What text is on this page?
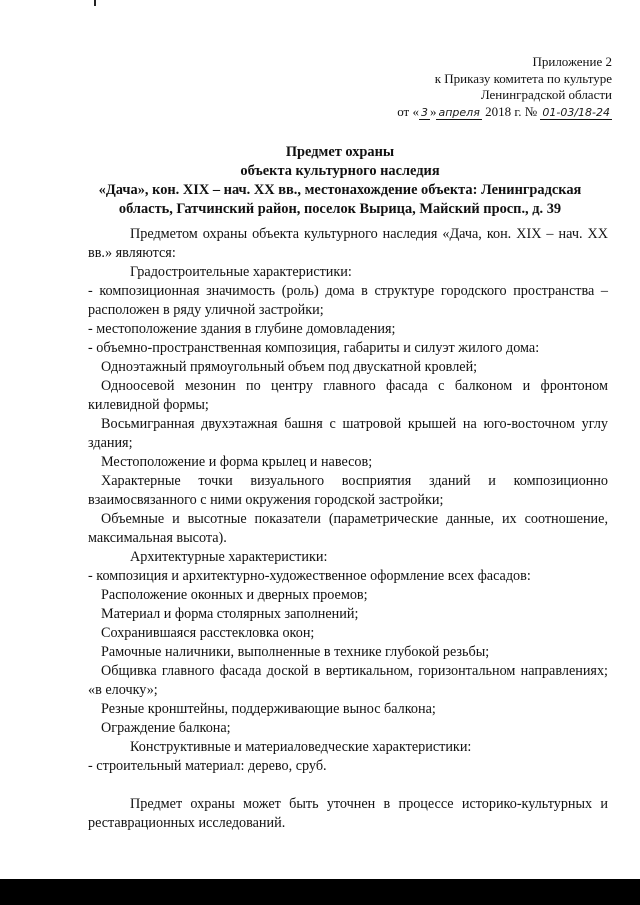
Приложение 2
к Приказу комитета по культуре
Ленинградской области
от « 3 » апреля 2018 г. № 01-03/18-24
Предмет охраны
объекта культурного наследия
«Дача», кон. XIX – нач. XX вв., местонахождение объекта: Ленинградская
область, Гатчинский район, поселок Вырица, Майский просп., д. 39

Предметом охраны объекта культурного наследия «Дача, кон. XIX – нач. XX вв.» являются:

Градостроительные характеристики:

- композиционная значимость (роль) дома в структуре городского пространства – расположен в ряду уличной застройки;

- местоположение здания в глубине домовладения;

- объемно-пространственная композиция, габариты и силуэт жилого дома:

Одноэтажный прямоугольный объем под двускатной кровлей;

Одноосевой мезонин по центру главного фасада с балконом и фронтоном килевидной формы;

Восьмигранная двухэтажная башня с шатровой крышей на юго-восточном углу здания;

Местоположение и форма крылец и навесов;

Характерные точки визуального восприятия зданий и композиционно взаимосвязанного с ними окружения городской застройки;

Объемные и высотные показатели (параметрические данные, их соотношение, максимальная высота).

Архитектурные характеристики:

- композиция и архитектурно-художественное оформление всех фасадов:

Расположение оконных и дверных проемов;

Материал и форма столярных заполнений;

Сохранившаяся расстекловка окон;

Рамочные наличники, выполненные в технике глубокой резьбы;

Общивка главного фасада доской в вертикальном, горизонтальном направлениях; «в елочку»;

Резные кронштейны, поддерживающие вынос балкона;

Ограждение балкона;

Конструктивные и материаловедческие характеристики:

- строительный материал: дерево, сруб.

Предмет охраны может быть уточнен в процессе историко-культурных и реставрационных исследований.
